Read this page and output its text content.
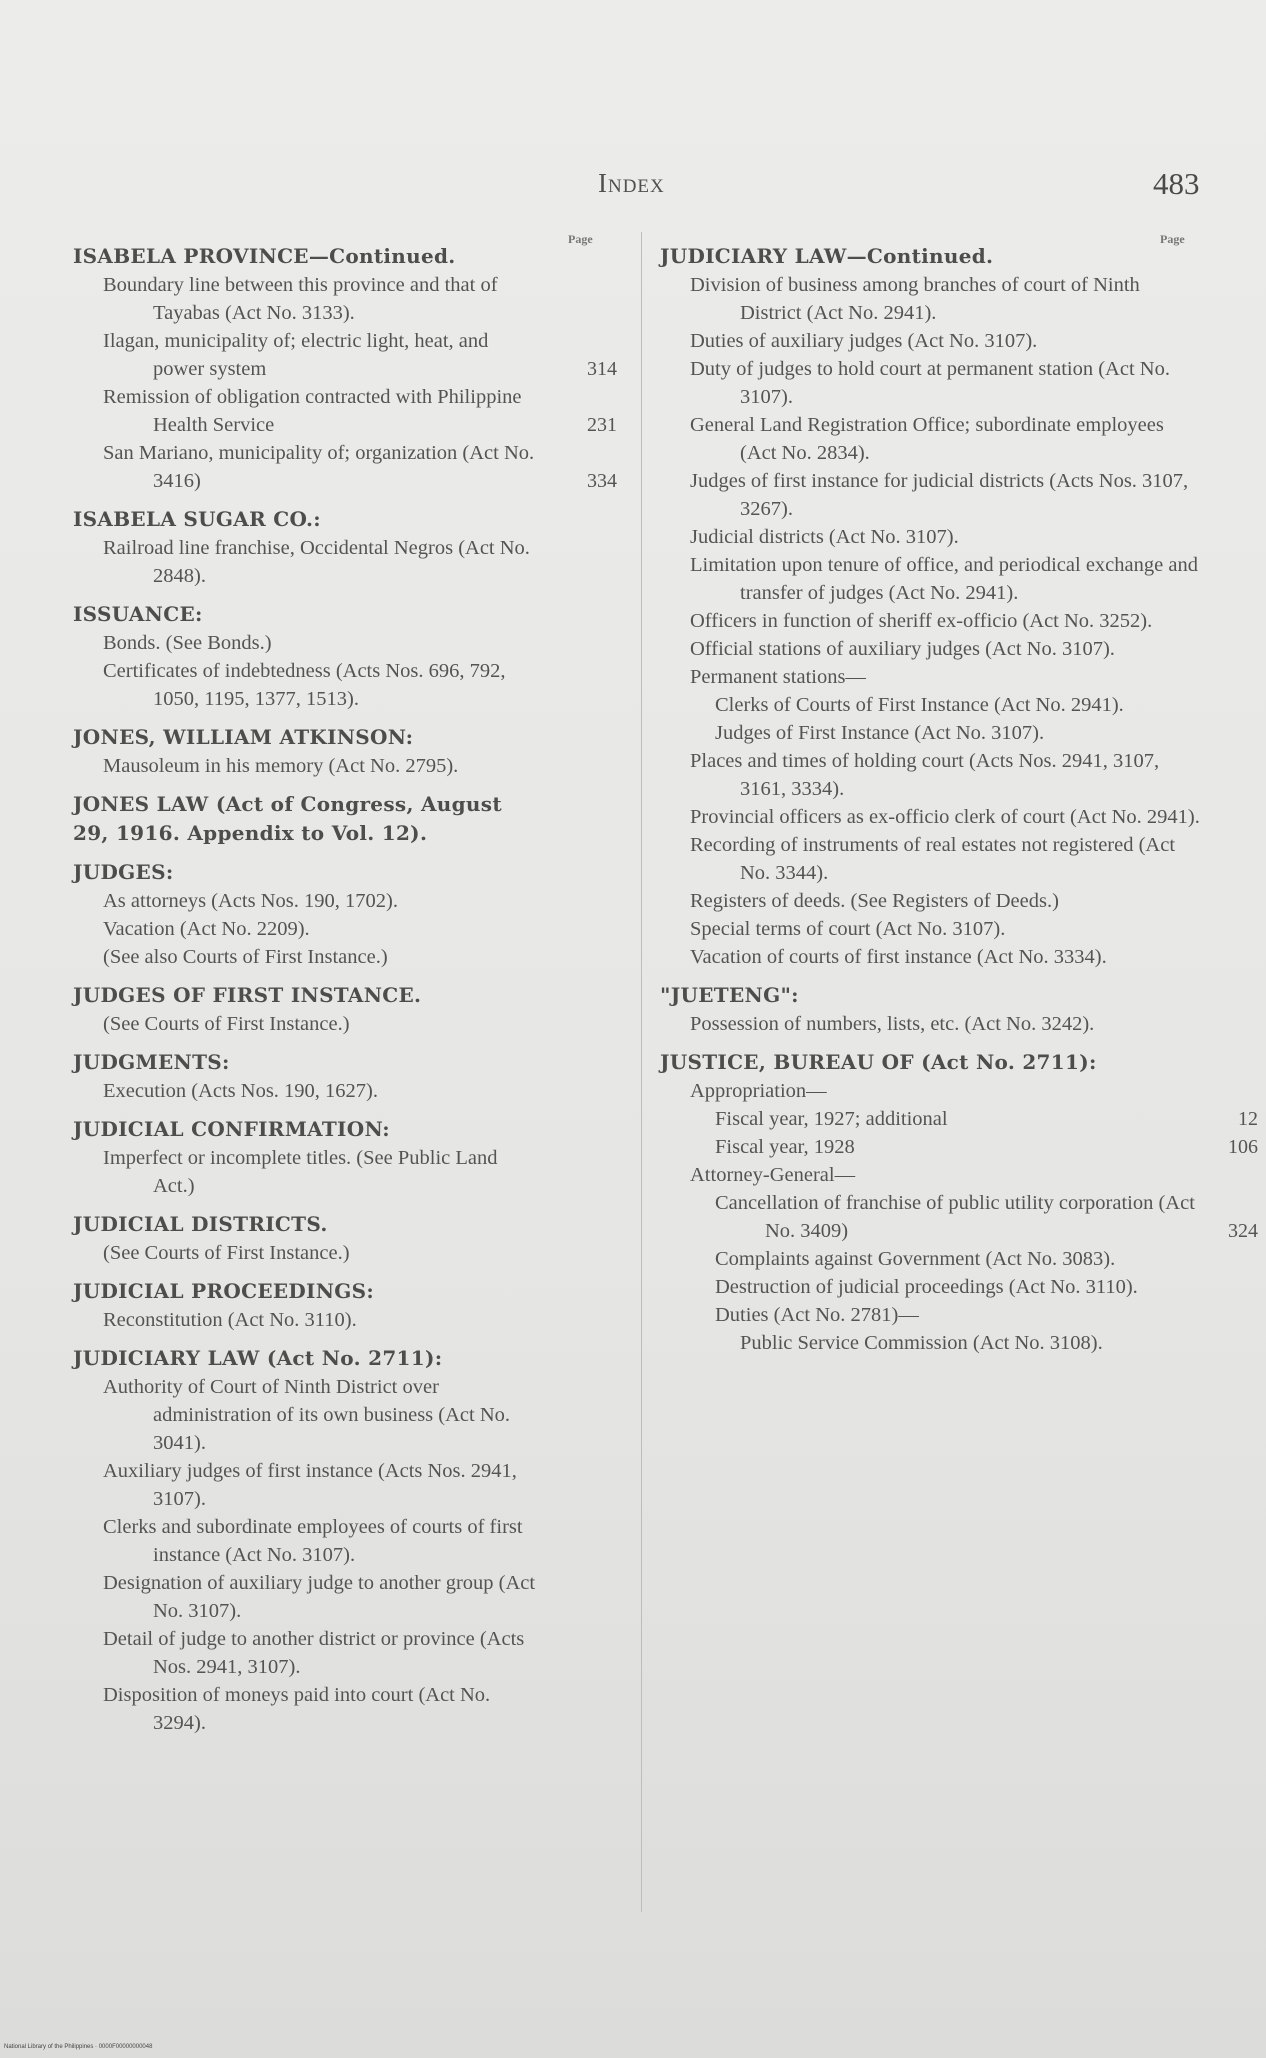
Index	483
Page
ISABELA PROVINCE—Continued.
Boundary line between this province and that of Tayabas (Act No. 3133).
Ilagan, municipality of; electric light, heat, and power system	314
Remission of obligation contracted with Philippine Health Service	231
San Mariano, municipality of; organization (Act No. 3416)	334
ISABELA SUGAR CO.:
Railroad line franchise, Occidental Negros (Act No. 2848).
ISSUANCE:
Bonds. (See Bonds.)
Certificates of indebtedness (Acts Nos. 696, 792, 1050, 1195, 1377, 1513).
JONES, WILLIAM ATKINSON:
Mausoleum in his memory (Act No. 2795).
JONES LAW (Act of Congress, August 29, 1916. Appendix to Vol. 12).
JUDGES:
As attorneys (Acts Nos. 190, 1702).
Vacation (Act No. 2209).
(See also Courts of First Instance.)
JUDGES OF FIRST INSTANCE.
(See Courts of First Instance.)
JUDGMENTS:
Execution (Acts Nos. 190, 1627).
JUDICIAL CONFIRMATION:
Imperfect or incomplete titles. (See Public Land Act.)
JUDICIAL DISTRICTS.
(See Courts of First Instance.)
JUDICIAL PROCEEDINGS:
Reconstitution (Act No. 3110).
JUDICIARY LAW (Act No. 2711):
Authority of Court of Ninth District over administration of its own business (Act No. 3041).
Auxiliary judges of first instance (Acts Nos. 2941, 3107).
Clerks and subordinate employees of courts of first instance (Act No. 3107).
Designation of auxiliary judge to another group (Act No. 3107).
Detail of judge to another district or province (Acts Nos. 2941, 3107).
Disposition of moneys paid into court (Act No. 3294).
Page
JUDICIARY LAW—Continued.
Division of business among branches of court of Ninth District (Act No. 2941).
Duties of auxiliary judges (Act No. 3107).
Duty of judges to hold court at permanent station (Act No. 3107).
General Land Registration Office; subordinate employees (Act No. 2834).
Judges of first instance for judicial districts (Acts Nos. 3107, 3267).
Judicial districts (Act No. 3107).
Limitation upon tenure of office, and periodical exchange and transfer of judges (Act No. 2941).
Officers in function of sheriff ex-officio (Act No. 3252).
Official stations of auxiliary judges (Act No. 3107).
Permanent stations—
Clerks of Courts of First Instance (Act No. 2941).
Judges of First Instance (Act No. 3107).
Places and times of holding court (Acts Nos. 2941, 3107, 3161, 3334).
Provincial officers as ex-officio clerk of court (Act No. 2941).
Recording of instruments of real estates not registered (Act No. 3344).
Registers of deeds. (See Registers of Deeds.)
Special terms of court (Act No. 3107).
Vacation of courts of first instance (Act No. 3334).
"JUETENG":
Possession of numbers, lists, etc. (Act No. 3242).
JUSTICE, BUREAU OF (Act No. 2711):
Appropriation—
Fiscal year, 1927; additional	12
Fiscal year, 1928	106
Attorney-General—
Cancellation of franchise of public utility corporation (Act No. 3409)	324
Complaints against Government (Act No. 3083).
Destruction of judicial proceedings (Act No. 3110).
Duties (Act No. 2781)—
Public Service Commission (Act No. 3108).
National Library of the Philippines · 0000F00000000048
